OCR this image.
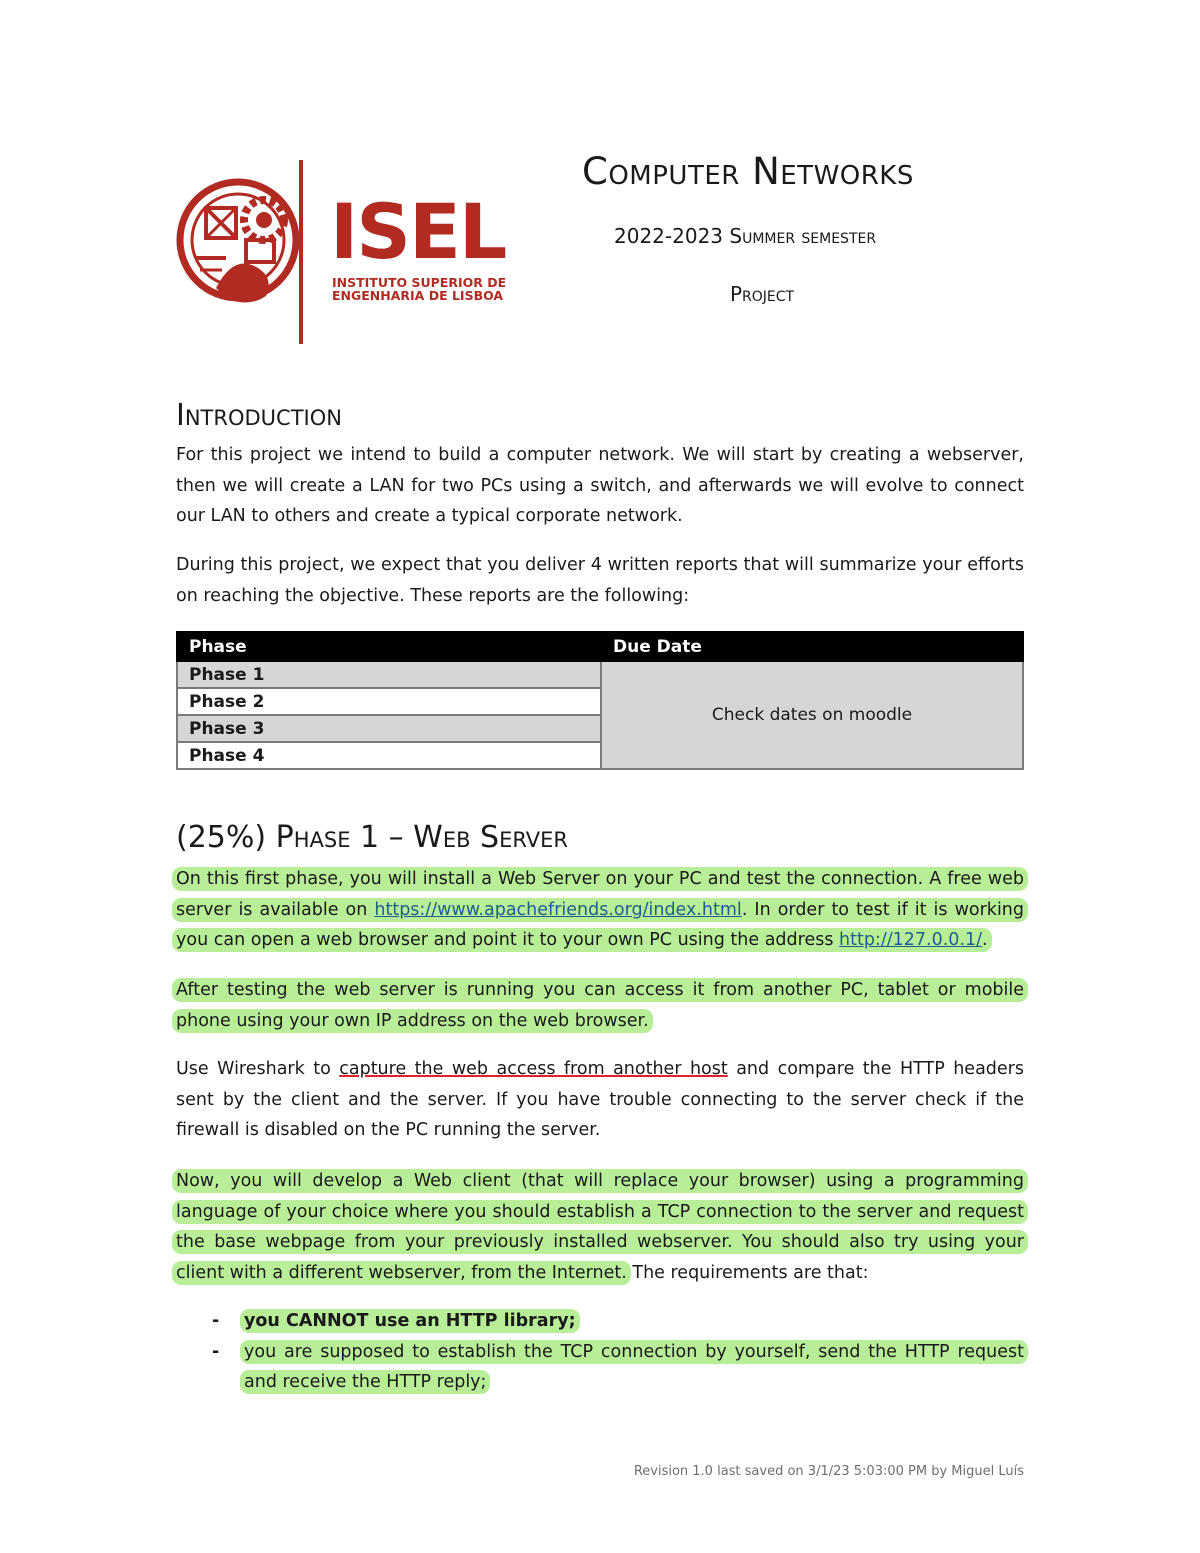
ISEL
INSTITUTO SUPERIOR DE
ENGENHARIA DE LISBOA
Computer Networks
2022-2023 Summer semester
Project
Introduction

For this project we intend to build a computer network. We will start by creating a webserver, then we will create a LAN for two PCs using a switch, and afterwards we will evolve to connect our LAN to others and create a typical corporate network.

During this project, we expect that you deliver 4 written reports that will summarize your efforts on reaching the objective. These reports are the following:

Phase	Due Date
Phase 1	Check dates on moodle
Phase 2	
Phase 3	
Phase 4	
(25%) Phase 1 – Web Server

On this first phase, you will install a Web Server on your PC and test the connection. A free web server is available on https://www.apachefriends.org/index.html. In order to test if it is working you can open a web browser and point it to your own PC using the address http://127.0.0.1/.

After testing the web server is running you can access it from another PC, tablet or mobile phone using your own IP address on the web browser.

Use Wireshark to capture the web access from another host and compare the HTTP headers sent by the client and the server. If you have trouble connecting to the server check if the firewall is disabled on the PC running the server.

Now, you will develop a Web client (that will replace your browser) using a programming language of your choice where you should establish a TCP connection to the server and request the base webpage from your previously installed webserver. You should also try using your client with a different webserver, from the Internet. The requirements are that:

- you CANNOT use an HTTP library;
- you are supposed to establish the TCP connection by yourself, send the HTTP request and receive the HTTP reply;
Revision 1.0 last saved on 3/1/23 5:03:00 PM by Miguel Luís
